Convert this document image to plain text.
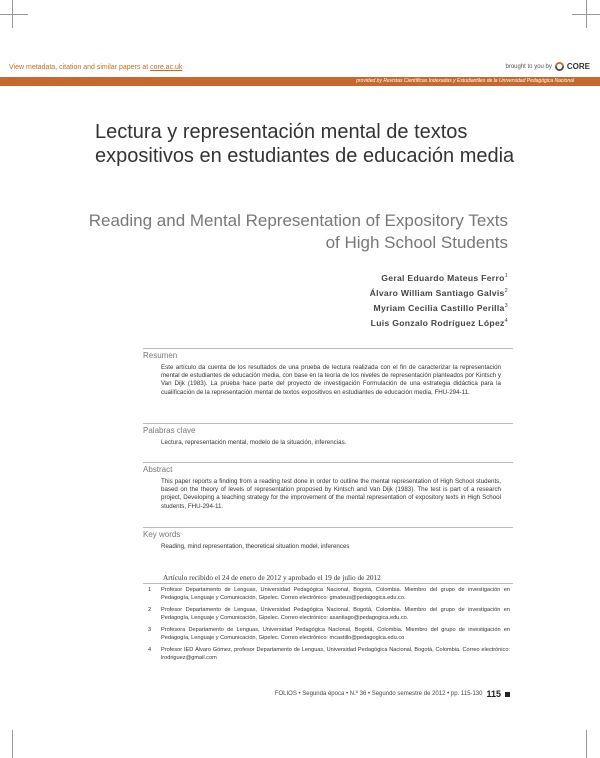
View metadata, citation and similar papers at core.ac.uk	brought to you by CORE
provided by Revistas Científicas Indexadas y Estudiantiles de la Universidad Pedagógica Nacional
Lectura y representación mental de textos expositivos en estudiantes de educación media
Reading and Mental Representation of Expository Texts of High School Students
Geral Eduardo Mateus Ferro$^1$
Álvaro William Santiago Galvis$^2$
Myriam Cecilia Castillo Perilla$^3$
Luis Gonzalo Rodríguez López$^4$
Resumen
Este artículo da cuenta de los resultados de una prueba de lectura realizada con el fin de caracterizar la representación mental de estudiantes de educación media, con base en la teoría de los niveles de representación planteados por Kintsch y Van Dijk (1983). La prueba hace parte del proyecto de investigación Formulación de una estrategia didáctica para la cualificación de la representación mental de textos expositivos en estudiantes de educación media, FHU-294-11.
Palabras clave
Lectura, representación mental, modelo de la situación, inferencias.
Abstract
This paper reports a finding from a reading test done in order to outline the mental representation of High School students, based on the theory of levels of representation proposed by Kintsch and Van Dijk (1983). The test is part of a research project, Developing a teaching strategy for the improvement of the mental representation of expository texts in High School students, FHU-294-11.
Key words
Reading, mind representation, theoretical situation model, inferences
Artículo recibido el 24 de enero de 2012 y aprobado el 19 de julio de 2012
1	Profesor Departamento de Lenguas, Universidad Pedagógica Nacional, Bogotá, Colombia. Miembro del grupo de investigación en Pedagogía, Lenguaje y Comunicación, Gipelec. Correo electrónico: gmateus@pedagogica.edu.co.
2	Profesor Departamento de Lenguas, Universidad Pedagógica Nacional, Bogotá, Colombia. Miembro del grupo de investigación en Pedagogía, Lenguaje y Comunicación, Gipelec. Correo electrónico: asantiago@pedagogica.edu.co.
3	Profesora Departamento de Lenguas, Universidad Pedagógica Nacional, Bogotá, Colombia. Miembro del grupo de investigación en Pedagogía, Lenguaje y Comunicación, Gipelec. Correo electrónico: mcastillo@pedagogica.edu.co
4	Profesor IED Álvaro Gómez, profesor Departamento de Lenguas, Universidad Pedagógica Nacional, Bogotá, Colombia. Correo electrónico: lrodriguez@gmail.com
FOLIOS • Segunda época • N.º 36 • Segundo semestre de 2012 • pp. 115-130 115
